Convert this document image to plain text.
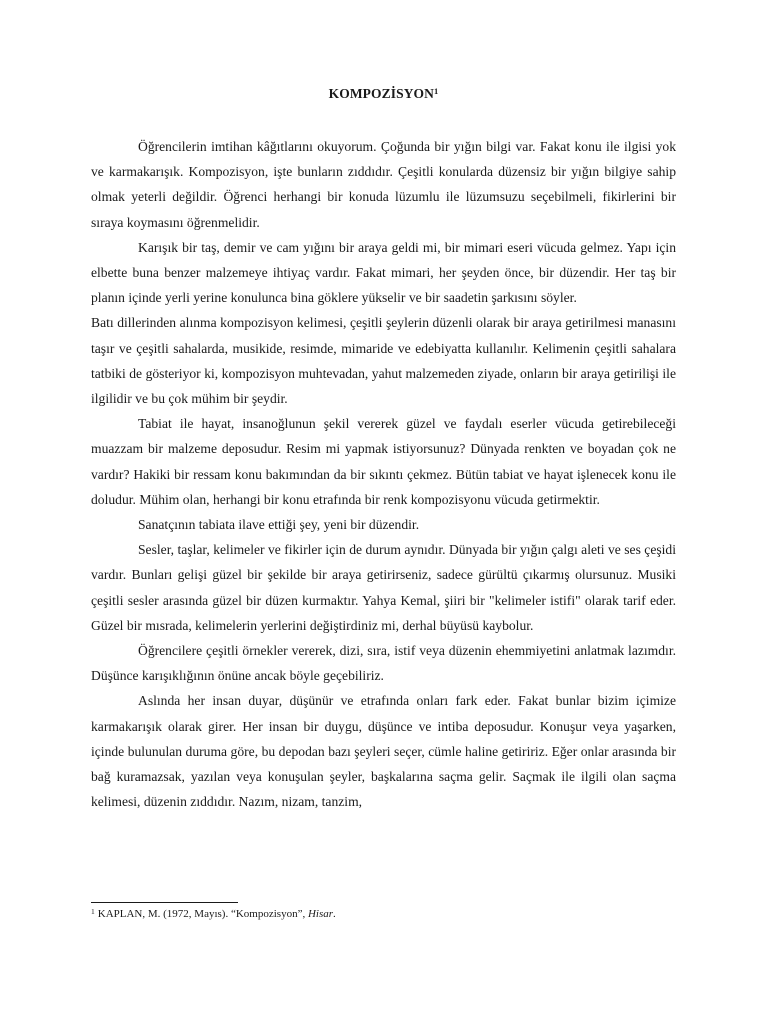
KOMPOZİSYON$^1$

Öğrencilerin imtihan kâğıtlarını okuyorum. Çoğunda bir yığın bilgi var. Fakat konu ile ilgisi yok ve karmakarışık. Kompozisyon, işte bunların zıddıdır. Çeşitli konularda düzensiz bir yığın bilgiye sahip olmak yeterli değildir. Öğrenci herhangi bir konuda lüzumlu ile lüzumsuzu seçebilmeli, fikirlerini bir sıraya koymasını öğrenmelidir.

Karışık bir taş, demir ve cam yığını bir araya geldi mi, bir mimari eseri vücuda gelmez. Yapı için elbette buna benzer malzemeye ihtiyaç vardır. Fakat mimari, her şeyden önce, bir düzendir. Her taş bir planın içinde yerli yerine konulunca bina göklere yükselir ve bir saadetin şarkısını söyler.

Batı dillerinden alınma kompozisyon kelimesi, çeşitli şeylerin düzenli olarak bir araya getirilmesi manasını taşır ve çeşitli sahalarda, musikide, resimde, mimaride ve edebiyatta kullanılır. Kelimenin çeşitli sahalara tatbiki de gösteriyor ki, kompozisyon muhtevadan, yahut malzemeden ziyade, onların bir araya getirilişi ile ilgilidir ve bu çok mühim bir şeydir.

Tabiat ile hayat, insanoğlunun şekil vererek güzel ve faydalı eserler vücuda getirebileceği muazzam bir malzeme deposudur. Resim mi yapmak istiyorsunuz? Dünyada renkten ve boyadan çok ne vardır? Hakiki bir ressam konu bakımından da bir sıkıntı çekmez. Bütün tabiat ve hayat işlenecek konu ile doludur. Mühim olan, herhangi bir konu etrafında bir renk kompozisyonu vücuda getirmektir.

Sanatçının tabiata ilave ettiği şey, yeni bir düzendir.

Sesler, taşlar, kelimeler ve fikirler için de durum aynıdır. Dünyada bir yığın çalgı aleti ve ses çeşidi vardır. Bunları gelişi güzel bir şekilde bir araya getirirseniz, sadece gürültü çıkarmış olursunuz. Musiki çeşitli sesler arasında güzel bir düzen kurmaktır. Yahya Kemal, şiiri bir "kelimeler istifi" olarak tarif eder. Güzel bir mısrada, kelimelerin yerlerini değiştirdiniz mi, derhal büyüsü kaybolur.

Öğrencilere çeşitli örnekler vererek, dizi, sıra, istif veya düzenin ehemmiyetini anlatmak lazımdır. Düşünce karışıklığının önüne ancak böyle geçebiliriz.

Aslında her insan duyar, düşünür ve etrafında onları fark eder. Fakat bunlar bizim içimize karmakarışık olarak girer. Her insan bir duygu, düşünce ve intiba deposudur. Konuşur veya yaşarken, içinde bulunulan duruma göre, bu depodan bazı şeyleri seçer, cümle haline getiririz. Eğer onlar arasında bir bağ kuramazsak, yazılan veya konuşulan şeyler, başkalarına saçma gelir. Saçmak ile ilgili olan saçma kelimesi, düzenin zıddıdır. Nazım, nizam, tanzim,

$^1$ KAPLAN, M. (1972, Mayıs). “Kompozisyon”, Hisar.
